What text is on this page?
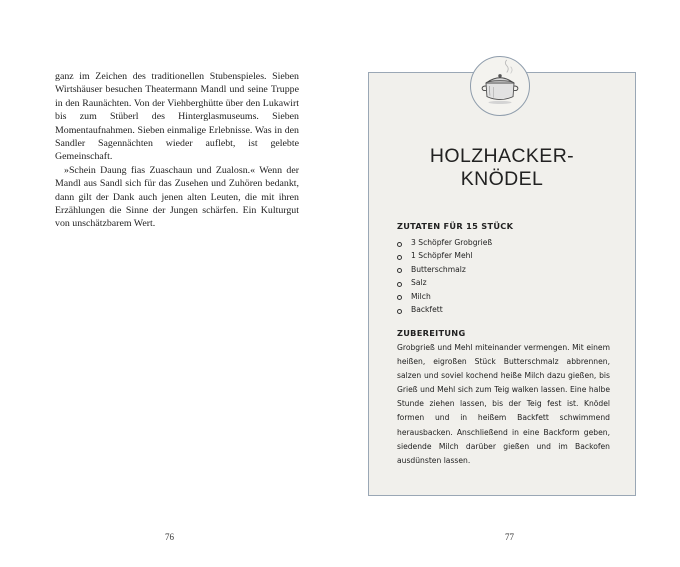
ganz im Zeichen des traditionellen Stubenspieles. Sieben Wirtshäuser besuchen Theatermann Mandl und seine Truppe in den Raunächten. Von der Viehberghütte über den Lukawirt bis zum Stüberl des Hinterglasmuseums. Sieben Momentaufnahmen. Sieben einmalige Erlebnisse. Was in den Sandler Sagennächten wieder auflebt, ist gelebte Gemeinschaft.

»Schein Daung fias Zuaschaun und Zualosn.« Wenn der Mandl aus Sandl sich für das Zusehen und Zuhören bedankt, dann gilt der Dank auch jenen alten Leuten, die mit ihren Erzählungen die Sinne der Jungen schärfen. Ein Kulturgut von unschätzbarem Wert.

76
HOLZHACKER-
KNÖDEL
ZUTATEN FÜR 15 STÜCK
3 Schöpfer Grobgrieß
1 Schöpfer Mehl
Butterschmalz
Salz
Milch
Backfett
ZUBEREITUNG

Grobgrieß und Mehl miteinander vermengen. Mit einem heißen, eigroßen Stück Butterschmalz abbrennen, salzen und soviel kochend heiße Milch dazu gießen, bis Grieß und Mehl sich zum Teig walken lassen. Eine halbe Stunde ziehen lassen, bis der Teig fest ist. Knödel formen und in heißem Backfett schwimmend herausbacken. Anschließend in eine Backform geben, siedende Milch darüber gießen und im Backofen ausdünsten lassen.

77
